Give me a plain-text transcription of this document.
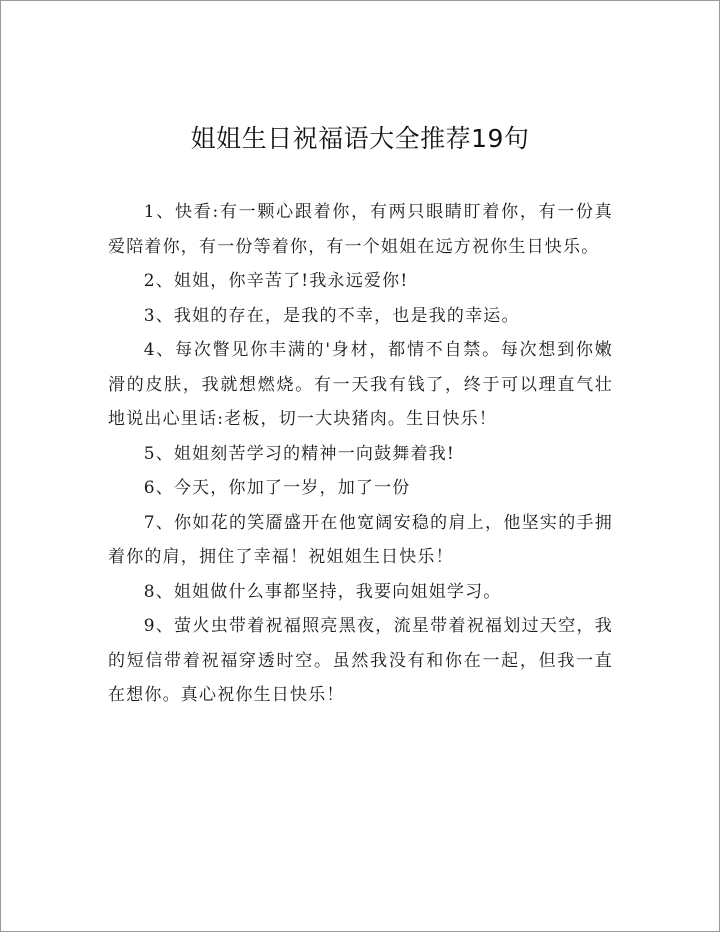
姐姐生日祝福语大全推荐19句

1、快看:有一颗心跟着你，有两只眼睛盯着你，有一份真爱陪着你，有一份等着你，有一个姐姐在远方祝你生日快乐。

2、姐姐，你辛苦了!我永远爱你!

3、我姐的存在，是我的不幸，也是我的幸运。

4、每次瞥见你丰满的'身材，都情不自禁。每次想到你嫩滑的皮肤，我就想燃烧。有一天我有钱了，终于可以理直气壮地说出心里话:老板，切一大块猪肉。生日快乐！

5、姐姐刻苦学习的精神一向鼓舞着我!

6、今天，你加了一岁，加了一份

7、你如花的笑靥盛开在他宽阔安稳的肩上，他坚实的手拥着你的肩，拥住了幸福！祝姐姐生日快乐！

8、姐姐做什么事都坚持，我要向姐姐学习。

9、萤火虫带着祝福照亮黑夜，流星带着祝福划过天空，我的短信带着祝福穿透时空。虽然我没有和你在一起，但我一直在想你。真心祝你生日快乐！
